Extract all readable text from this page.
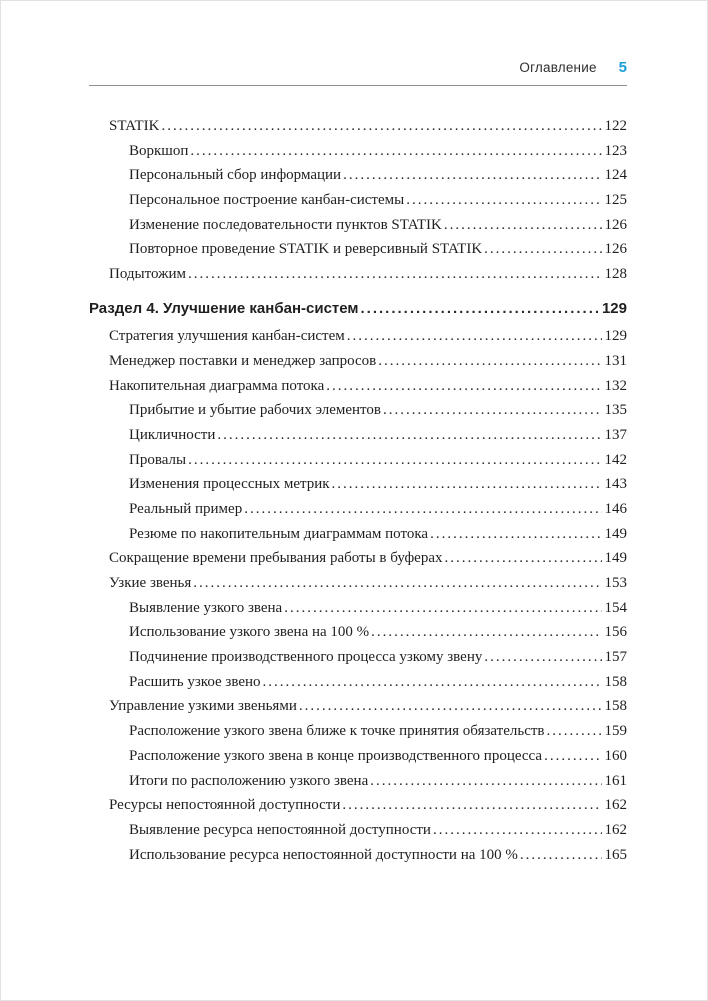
Оглавление 5
STATIK .....	122
Воркшоп .....	123
Персональный сбор информации .....	124
Персональное построение канбан-системы .....	125
Изменение последовательности пунктов STATIK .....	126
Повторное проведение STATIK и реверсивный STATIK .....	126
Подытожим .....	128
Раздел 4. Улучшение канбан-систем .....	129
Стратегия улучшения канбан-систем .....	129
Менеджер поставки и менеджер запросов .....	131
Накопительная диаграмма потока .....	132
Прибытие и убытие рабочих элементов .....	135
Цикличности .....	137
Провалы .....	142
Изменения процессных метрик .....	143
Реальный пример .....	146
Резюме по накопительным диаграммам потока .....	149
Сокращение времени пребывания работы в буферах .....	149
Узкие звенья .....	153
Выявление узкого звена .....	154
Использование узкого звена на 100 % .....	156
Подчинение производственного процесса узкому звену .....	157
Расшить узкое звено .....	158
Управление узкими звеньями .....	158
Расположение узкого звена ближе к точке принятия обязательств .....	159
Расположение узкого звена в конце производственного процесса .....	160
Итоги по расположению узкого звена .....	161
Ресурсы непостоянной доступности .....	162
Выявление ресурса непостоянной доступности .....	162
Использование ресурса непостоянной доступности на 100 % .....	165
